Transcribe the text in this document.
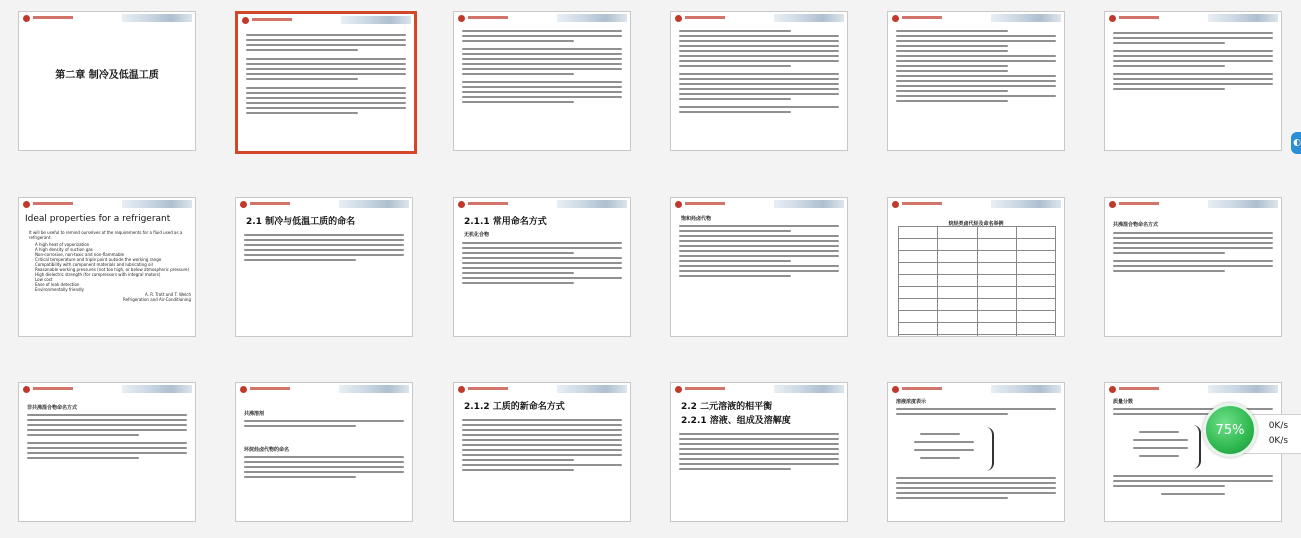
第二章 制冷及低温工质
Ideal properties for a refrigerant

It will be useful to remind ourselves of the requirements for a fluid used as a refrigerant.

A high heat of vaporization

A high density of suction gas

Non-corrosive, non-toxic and non-flammable

Critical temperature and triple point outside the working range

Compatibility with component materials and lubricating oil

Reasonable working pressures (not too high, or below atmospheric pressure)

High dielectric strength (for compressors with integral motors)

Low cost

Ease of leak detection

Environmentally friendly

A. R. Trott and T. Welch

Refrigeration and Air-Conditioning

2.1 制冷与低温工质的命名	2.1.1 常用命名方式
无机化合物
饱和烃卤代物
烷烃类卤代烃及命名举例

				共沸混合物命名方式
非共沸混合物命名方式
共沸溶剂
环烷烃卤代物的命名
2.1.2 工质的新命名方式	2.2 二元溶液的相平衡
2.2.1 溶液、组成及溶解度
溶液浓度表示	质量分数
◐
0K/s
0K/s
75%
